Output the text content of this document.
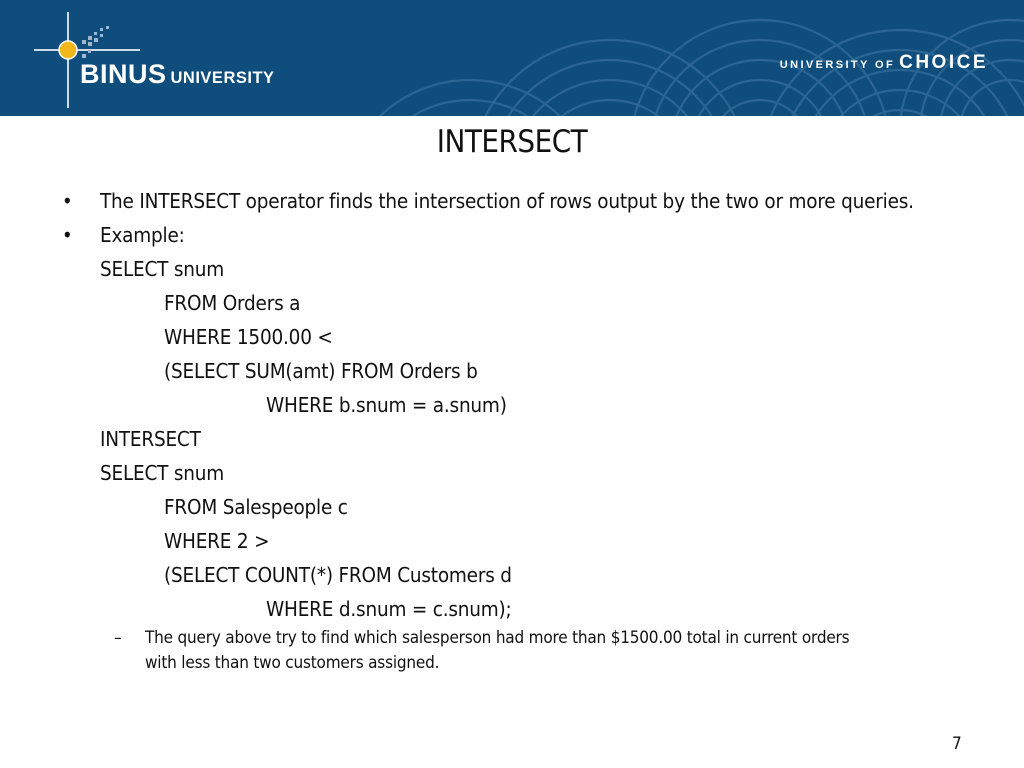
BINUS UNIVERSITY
UNIVERSITY OF CHOICE
INTERSECT
• The INTERSECT operator finds the intersection of rows output by the two or more queries.
• Example:
SELECT snum
FROM Orders a
WHERE 1500.00 <
(SELECT SUM(amt) FROM Orders b
WHERE b.snum = a.snum)
INTERSECT
SELECT snum
FROM Salespeople c
WHERE 2 >
(SELECT COUNT(*) FROM Customers d
WHERE d.snum = c.snum);
– The query above try to find which salesperson had more than $1500.00 total in current orders
with less than two customers assigned.
7
